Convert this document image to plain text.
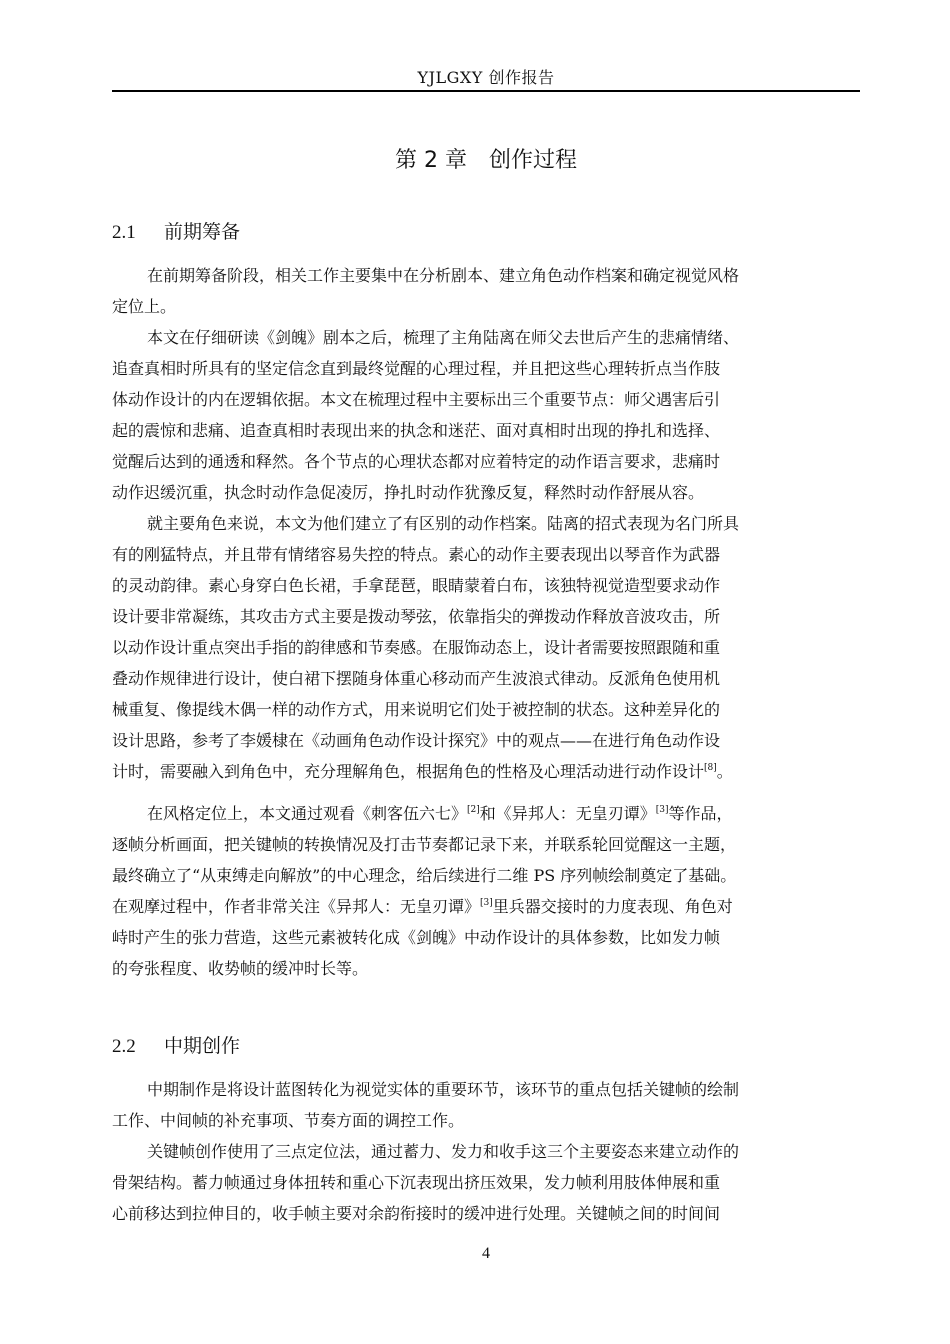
YJLGXY 创作报告
第 2 章 创作过程
2.1 前期筹备
在前期筹备阶段，相关工作主要集中在分析剧本、建立角色动作档案和确定视觉风格
定位上。
本文在仔细研读《剑魄》剧本之后，梳理了主角陆离在师父去世后产生的悲痛情绪、
追查真相时所具有的坚定信念直到最终觉醒的心理过程，并且把这些心理转折点当作肢
体动作设计的内在逻辑依据。本文在梳理过程中主要标出三个重要节点：师父遇害后引
起的震惊和悲痛、追查真相时表现出来的执念和迷茫、面对真相时出现的挣扎和选择、
觉醒后达到的通透和释然。各个节点的心理状态都对应着特定的动作语言要求，悲痛时
动作迟缓沉重，执念时动作急促凌厉，挣扎时动作犹豫反复，释然时动作舒展从容。
就主要角色来说，本文为他们建立了有区别的动作档案。陆离的招式表现为名门所具
有的刚猛特点，并且带有情绪容易失控的特点。素心的动作主要表现出以琴音作为武器
的灵动韵律。素心身穿白色长裙，手拿琵琶，眼睛蒙着白布，该独特视觉造型要求动作
设计要非常凝练，其攻击方式主要是拨动琴弦，依靠指尖的弹拨动作释放音波攻击，所
以动作设计重点突出手指的韵律感和节奏感。在服饰动态上，设计者需要按照跟随和重
叠动作规律进行设计，使白裙下摆随身体重心移动而产生波浪式律动。反派角色使用机
械重复、像提线木偶一样的动作方式，用来说明它们处于被控制的状态。这种差异化的
设计思路，参考了李媛棣在《动画角色动作设计探究》中的观点——在进行角色动作设
计时，需要融入到角色中，充分理解角色，根据角色的性格及心理活动进行动作设计[8]。
在风格定位上，本文通过观看《刺客伍六七》[2]和《异邦人：无皇刃谭》[3]等作品，
逐帧分析画面，把关键帧的转换情况及打击节奏都记录下来，并联系轮回觉醒这一主题，
最终确立了“从束缚走向解放”的中心理念，给后续进行二维 PS 序列帧绘制奠定了基础。
在观摩过程中，作者非常关注《异邦人：无皇刃谭》[3]里兵器交接时的力度表现、角色对
峙时产生的张力营造，这些元素被转化成《剑魄》中动作设计的具体参数，比如发力帧
的夸张程度、收势帧的缓冲时长等。
2.2 中期创作
中期制作是将设计蓝图转化为视觉实体的重要环节，该环节的重点包括关键帧的绘制
工作、中间帧的补充事项、节奏方面的调控工作。
关键帧创作使用了三点定位法，通过蓄力、发力和收手这三个主要姿态来建立动作的
骨架结构。蓄力帧通过身体扭转和重心下沉表现出挤压效果，发力帧利用肢体伸展和重
心前移达到拉伸目的，收手帧主要对余韵衔接时的缓冲进行处理。关键帧之间的时间间
4
